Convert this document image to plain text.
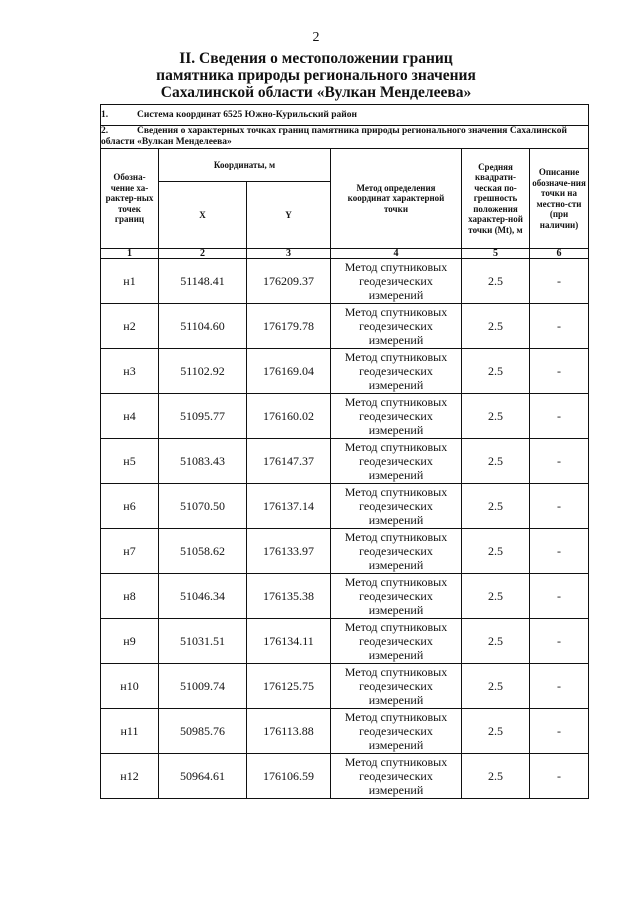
2
II. Сведения о местоположении границ
памятника природы регионального значения
Сахалинской области «Вулкан Менделеева»
1. Система координат 6525 Южно-Курильский район					
2. Сведения о характерных точках границ памятника природы регионального значения Сахалинской области «Вулкан Менделеева»					
Обозна-чение ха-рактер-ных точек границ	Координаты, м		Метод определения координат характерной точки	Средняя квадрати-ческая по-грешность положения характер-ной точки (Mt), м	Описание обозначе-ния точки на местно-сти (при наличии)
	X	Y			
1	2	3	4	5	6
н1	51148.41	176209.37	Метод спутниковых геодезических измерений	2.5	-
н2	51104.60	176179.78	Метод спутниковых геодезических измерений	2.5	-
н3	51102.92	176169.04	Метод спутниковых геодезических измерений	2.5	-
н4	51095.77	176160.02	Метод спутниковых геодезических измерений	2.5	-
н5	51083.43	176147.37	Метод спутниковых геодезических измерений	2.5	-
н6	51070.50	176137.14	Метод спутниковых геодезических измерений	2.5	-
н7	51058.62	176133.97	Метод спутниковых геодезических измерений	2.5	-
н8	51046.34	176135.38	Метод спутниковых геодезических измерений	2.5	-
н9	51031.51	176134.11	Метод спутниковых геодезических измерений	2.5	-
н10	51009.74	176125.75	Метод спутниковых геодезических измерений	2.5	-
н11	50985.76	176113.88	Метод спутниковых геодезических измерений	2.5	-
н12	50964.61	176106.59	Метод спутниковых геодезических измерений	2.5	-
